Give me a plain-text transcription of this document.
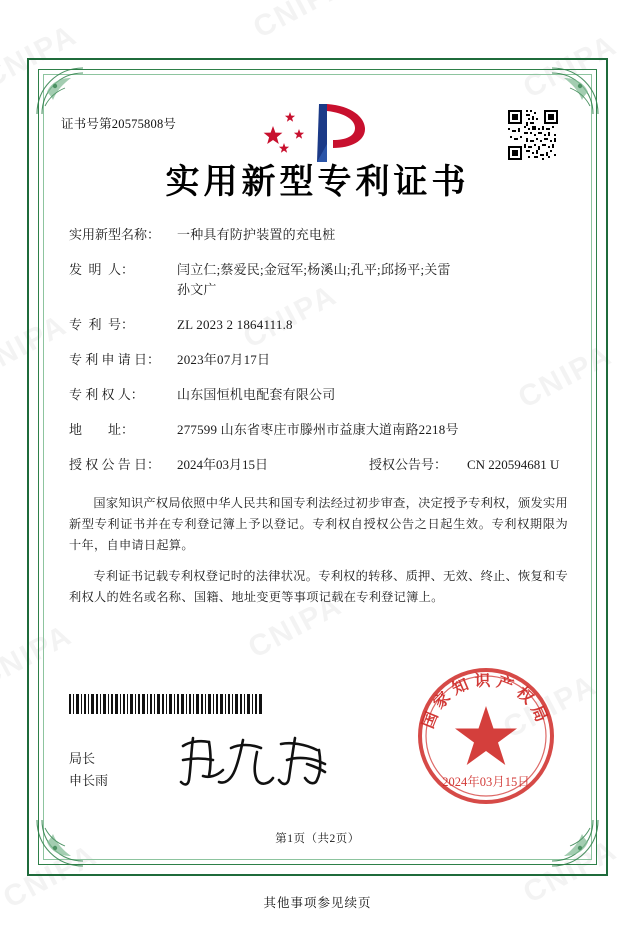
证书号第20575808号
实用新型专利证书
实用新型名称：	一种具有防护装置的充电桩
发  明  人：	闫立仁;蔡爱民;金冠军;杨溪山;孔平;邱扬平;关雷
孙文广
专  利  号：	ZL 2023 2 1864111.8
专 利 申 请 日：	2023年07月17日
专 利 权 人：	山东国恒机电配套有限公司
地        址：	277599 山东省枣庄市滕州市益康大道南路2218号
授 权 公 告 日：	2024年03月15日	授权公告号：	CN 220594681 U

国家知识产权局依照中华人民共和国专利法经过初步审查，决定授予专利权，颁发实用新型专利证书并在专利登记簿上予以登记。专利权自授权公告之日起生效。专利权期限为十年，自申请日起算。

专利证书记载专利权登记时的法律状况。专利权的转移、质押、无效、终止、恢复和专利权人的姓名或名称、国籍、地址变更等事项记载在专利登记簿上。

局长
申长雨
国家知识产权局
2024年03月15日
第1页（共2页）
其他事项参见续页
